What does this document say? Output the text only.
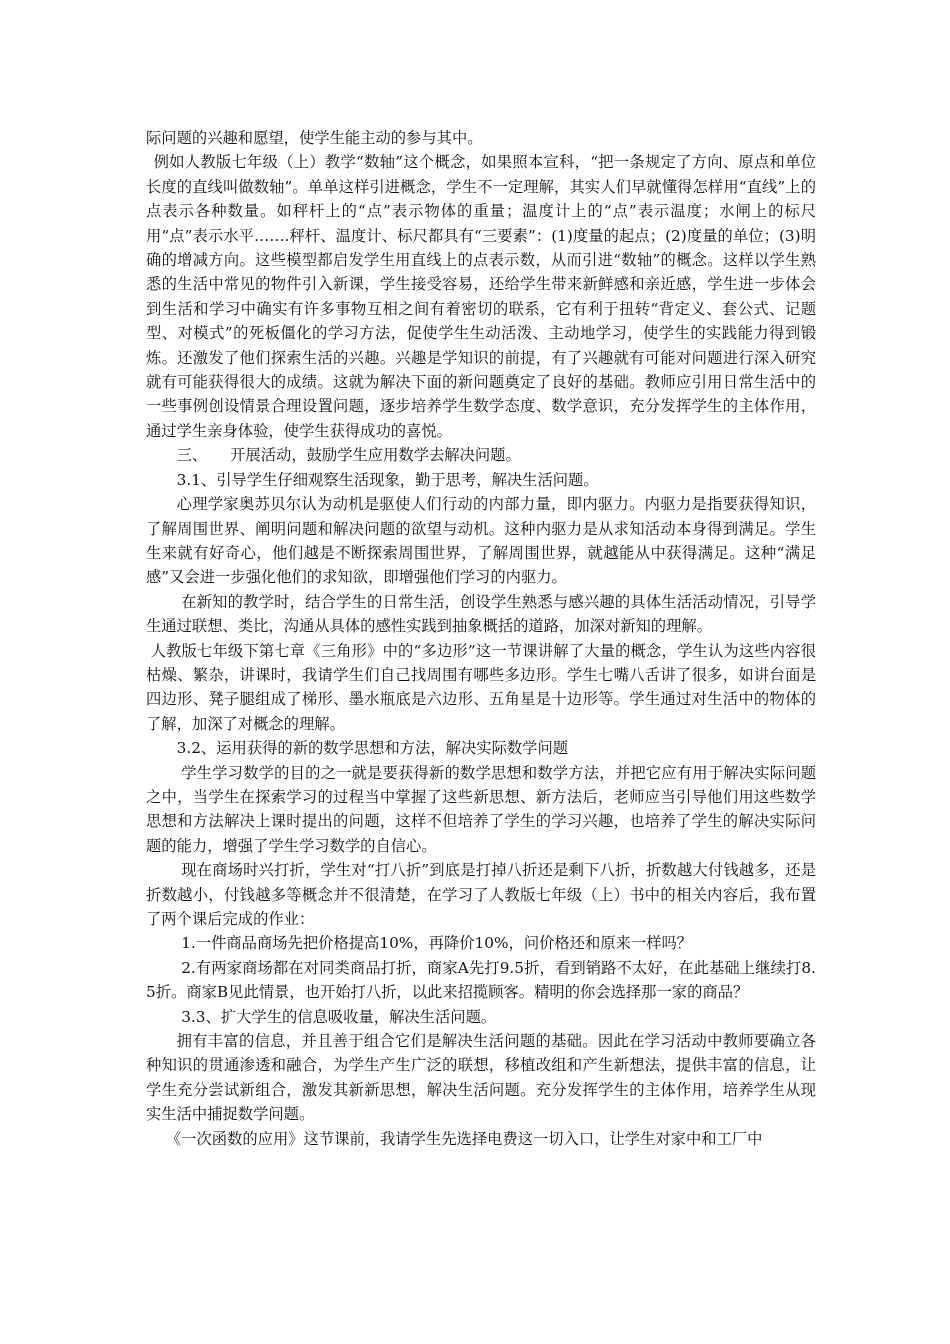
际问题的兴趣和愿望，使学生能主动的参与其中。

例如人教版七年级（上）教学“数轴”这个概念，如果照本宣科，“把一条规定了方向、原点和单位长度的直线叫做数轴”。单单这样引进概念，学生不一定理解，其实人们早就懂得怎样用“直线”上的点表示各种数量。如秤杆上的“点”表示物体的重量；温度计上的“点”表示温度；水闸上的标尺用“点”表示水平…….秤杆、温度计、标尺都具有“三要素”：(1)度量的起点；(2)度量的单位；(3)明确的增减方向。这些模型都启发学生用直线上的点表示数，从而引进“数轴”的概念。这样以学生熟悉的生活中常见的物件引入新课，学生接受容易，还给学生带来新鲜感和亲近感，学生进一步体会到生活和学习中确实有许多事物互相之间有着密切的联系，它有利于扭转“背定义、套公式、记题型、对模式”的死板僵化的学习方法，促使学生生动活泼、主动地学习，使学生的实践能力得到锻炼。还激发了他们探索生活的兴趣。兴趣是学知识的前提，有了兴趣就有可能对问题进行深入研究就有可能获得很大的成绩。这就为解决下面的新问题奠定了良好的基础。教师应引用日常生活中的一些事例创设情景合理设置问题，逐步培养学生数学态度、数学意识，充分发挥学生的主体作用，通过学生亲身体验，使学生获得成功的喜悦。

三、　　开展活动，鼓励学生应用数学去解决问题。

3.1、引导学生仔细观察生活现象，勤于思考，解决生活问题。

心理学家奥苏贝尔认为动机是驱使人们行动的内部力量，即内驱力。内驱力是指要获得知识，了解周围世界、阐明问题和解决问题的欲望与动机。这种内驱力是从求知活动本身得到满足。学生生来就有好奇心，他们越是不断探索周围世界，了解周围世界，就越能从中获得满足。这种“满足感”又会进一步强化他们的求知欲，即增强他们学习的内驱力。

在新知的教学时，结合学生的日常生活，创设学生熟悉与感兴趣的具体生活活动情况，引导学生通过联想、类比，沟通从具体的感性实践到抽象概括的道路，加深对新知的理解。

人教版七年级下第七章《三角形》中的“多边形”这一节课讲解了大量的概念，学生认为这些内容很枯燥、繁杂，讲课时，我请学生们自己找周围有哪些多边形。学生七嘴八舌讲了很多，如讲台面是四边形、凳子腿组成了梯形、墨水瓶底是六边形、五角星是十边形等。学生通过对生活中的物体的了解，加深了对概念的理解。

3.2、运用获得的新的数学思想和方法，解决实际数学问题

学生学习数学的目的之一就是要获得新的数学思想和数学方法，并把它应有用于解决实际问题之中，当学生在探索学习的过程当中掌握了这些新思想、新方法后，老师应当引导他们用这些数学思想和方法解决上课时提出的问题，这样不但培养了学生的学习兴趣，也培养了学生的解决实际问题的能力，增强了学生学习数学的自信心。

现在商场时兴打折，学生对“打八折”到底是打掉八折还是剩下八折，折数越大付钱越多，还是折数越小，付钱越多等概念并不很清楚，在学习了人教版七年级（上）书中的相关内容后，我布置了两个课后完成的作业：

1.一件商品商场先把价格提高10%，再降价10%，问价格还和原来一样吗？

2.有两家商场都在对同类商品打折，商家A先打9.5折，看到销路不太好，在此基础上继续打8.5折。商家B见此情景，也开始打八折，以此来招揽顾客。精明的你会选择那一家的商品？

3.3、扩大学生的信息吸收量，解决生活问题。

拥有丰富的信息，并且善于组合它们是解决生活问题的基础。因此在学习活动中教师要确立各种知识的贯通渗透和融合，为学生产生广泛的联想，移植改组和产生新想法，提供丰富的信息，让学生充分尝试新组合，激发其新新思想，解决生活问题。充分发挥学生的主体作用，培养学生从现实生活中捕捉数学问题。

《一次函数的应用》这节课前，我请学生先选择电费这一切入口，让学生对家中和工厂中
